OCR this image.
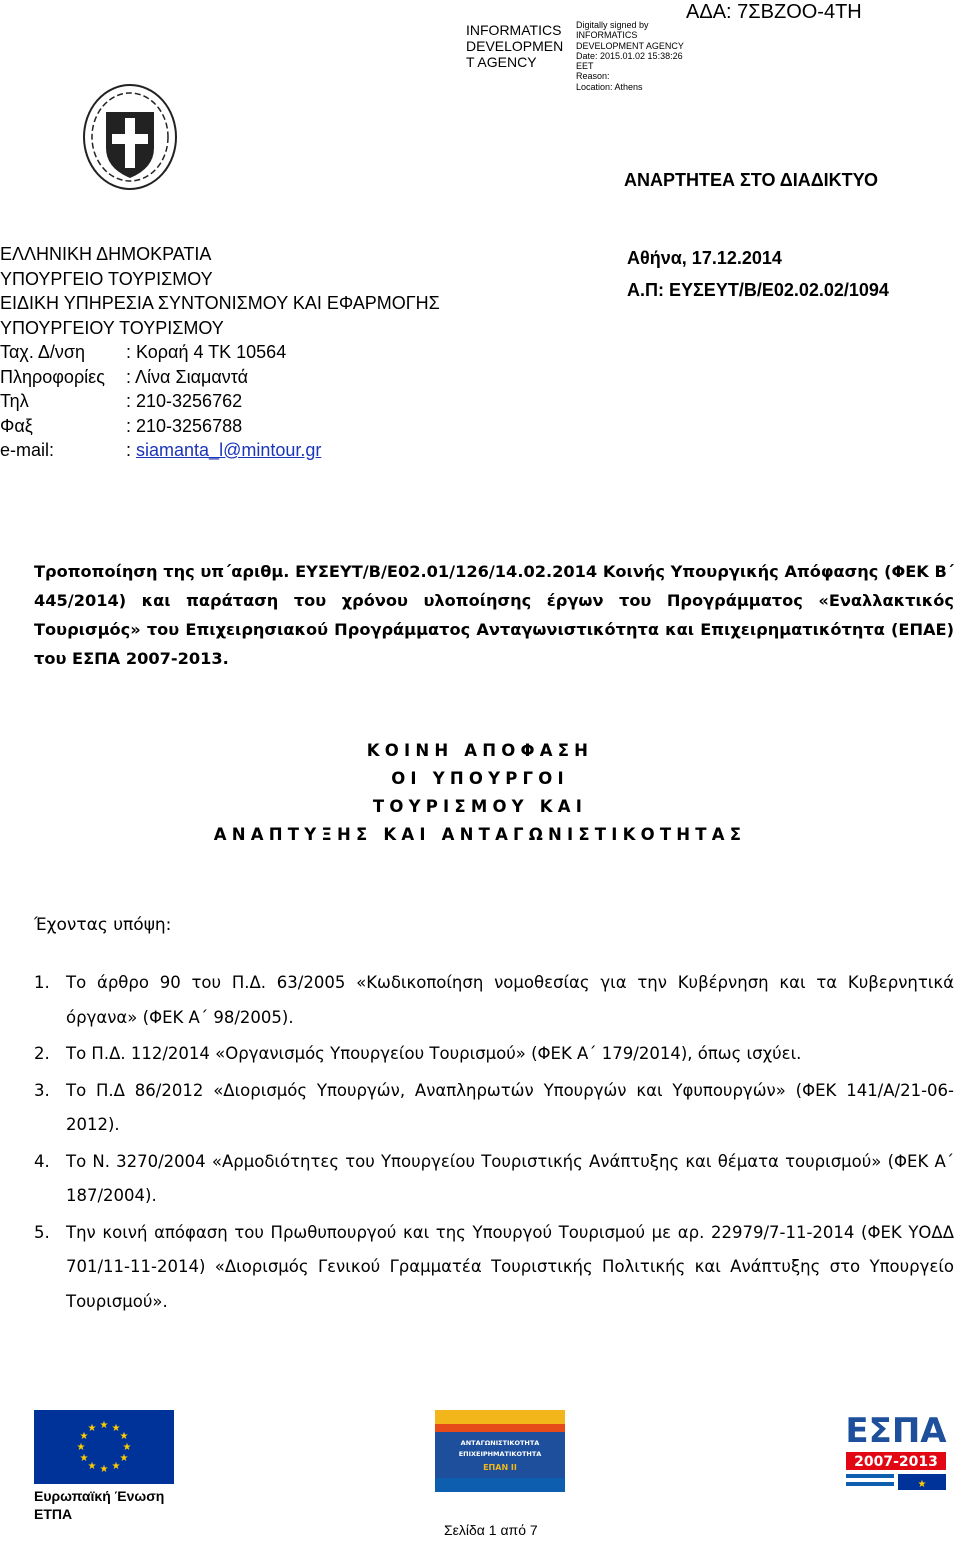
INFORMATICS
DEVELOPMEN
T AGENCY
Digitally signed by
INFORMATICS
DEVELOPMENT AGENCY
Date: 2015.01.02 15:38:26
EET
Reason:
Location: Athens
ΑΔΑ: 7ΣΒΖΟΟ-4ΤΗ
ΑΝΑΡΤΗΤΕΑ ΣΤΟ ΔΙΑΔΙΚΤΥΟ
ΕΛΛΗΝΙΚΗ ΔΗΜΟΚΡΑΤΙΑ
ΥΠΟΥΡΓΕΙΟ ΤΟΥΡΙΣΜΟΥ
ΕΙΔΙΚΗ ΥΠΗΡΕΣΙΑ ΣΥΝΤΟΝΙΣΜΟΥ ΚΑΙ ΕΦΑΡΜΟΓΗΣ
ΥΠΟΥΡΓΕΙΟΥ ΤΟΥΡΙΣΜΟΥ
Ταχ. Δ/νση : Κοραή 4 ΤΚ 10564
Πληροφορίες : Λίνα Σιαμαντά
Τηλ	: 210-3256762
Φαξ	: 210-3256788
e-mail:	: siamanta_l@mintour.gr
Αθήνα, 17.12.2014
Α.Π: ΕΥΣΕΥΤ/Β/Ε02.02.02/1094
Τροποποίηση της υπ΄αριθμ. ΕΥΣΕΥΤ/Β/Ε02.01/126/14.02.2014 Κοινής Υπουργικής Απόφασης (ΦΕΚ Β΄ 445/2014) και παράταση του χρόνου υλοποίησης έργων του Προγράμματος «Εναλλακτικός Τουρισμός» του Επιχειρησιακού Προγράμματος Ανταγωνιστικότητα και Επιχειρηματικότητα (ΕΠΑΕ) του ΕΣΠΑ 2007-2013.
ΚΟΙΝΗ ΑΠΟΦΑΣΗ
ΟΙ ΥΠΟΥΡΓΟΙ
ΤΟΥΡΙΣΜΟΥ ΚΑΙ
ΑΝΑΠΤΥΞΗΣ ΚΑΙ ΑΝΤΑΓΩΝΙΣΤΙΚΟΤΗΤΑΣ
Έχοντας υπόψη:
1. Το άρθρο 90 του Π.Δ. 63/2005 «Κωδικοποίηση νομοθεσίας για την Κυβέρνηση και τα Κυβερνητικά όργανα» (ΦΕΚ Α΄ 98/2005).
2. Το Π.Δ. 112/2014 «Οργανισμός Υπουργείου Τουρισμού» (ΦΕΚ Α΄ 179/2014), όπως ισχύει.
3. Το Π.Δ 86/2012 «Διορισμός Υπουργών, Αναπληρωτών Υπουργών και Υφυπουργών» (ΦΕΚ 141/Α/21-06-2012).
4. Το Ν. 3270/2004 «Αρμοδιότητες του Υπουργείου Τουριστικής Ανάπτυξης και θέματα τουρισμού» (ΦΕΚ Α΄ 187/2004).
5. Την κοινή απόφαση του Πρωθυπουργού και της Υπουργού Τουρισμού με αρ. 22979/7-11-2014 (ΦΕΚ ΥΟΔΔ 701/11-11-2014) «Διορισμός Γενικού Γραμματέα Τουριστικής Πολιτικής και Ανάπτυξης στο Υπουργείο Τουρισμού».
★ ★
★
★
★
★
★
★
★
★
★
★
Ευρωπαϊκή Ένωση
ΕΤΠΑ
ΑΝΤΑΓΩΝΙΣΤΙΚΟΤΗΤΑ
ΕΠΙΧΕΙΡΗΜΑΤΙΚΟΤΗΤΑ
ΕΠΑΝ ΙΙ
ΕΣΠΑ
2007-2013
★
Σελίδα 1 από 7
